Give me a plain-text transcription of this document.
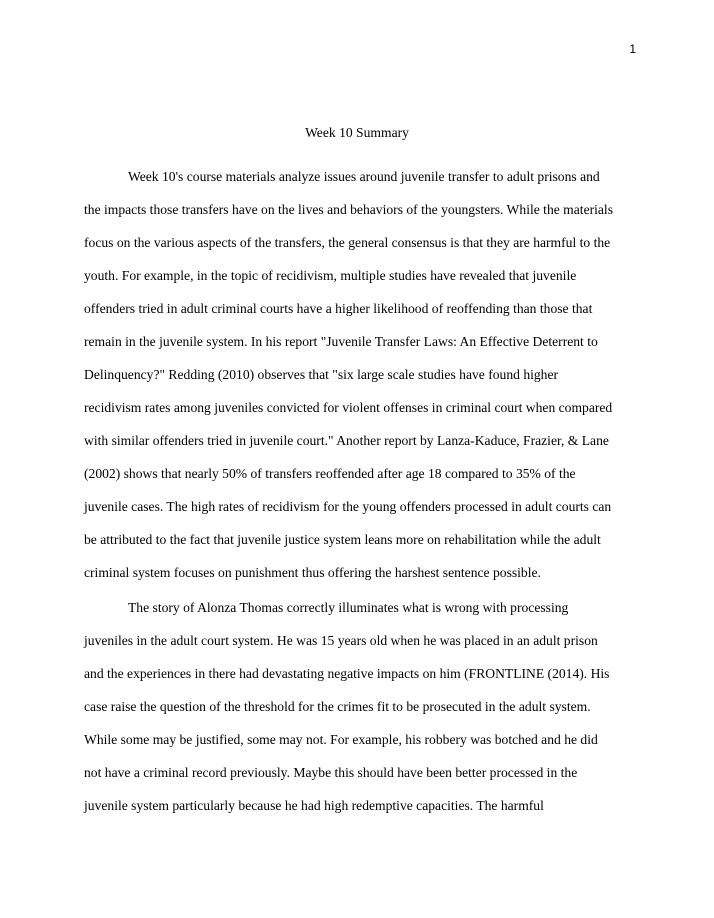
1
Week 10 Summary
Week 10's course materials analyze issues around juvenile transfer to adult prisons and
the impacts those transfers have on the lives and behaviors of the youngsters. While the materials
focus on the various aspects of the transfers, the general consensus is that they are harmful to the
youth. For example, in the topic of recidivism, multiple studies have revealed that juvenile
offenders tried in adult criminal courts have a higher likelihood of reoffending than those that
remain in the juvenile system. In his report "Juvenile Transfer Laws: An Effective Deterrent to
Delinquency?" Redding (2010) observes that "six large scale studies have found higher
recidivism rates among juveniles convicted for violent offenses in criminal court when compared
with similar offenders tried in juvenile court." Another report by Lanza-Kaduce, Frazier, & Lane
(2002) shows that nearly 50% of transfers reoffended after age 18 compared to 35% of the
juvenile cases. The high rates of recidivism for the young offenders processed in adult courts can
be attributed to the fact that juvenile justice system leans more on rehabilitation while the adult
criminal system focuses on punishment thus offering the harshest sentence possible.
The story of Alonza Thomas correctly illuminates what is wrong with processing
juveniles in the adult court system. He was 15 years old when he was placed in an adult prison
and the experiences in there had devastating negative impacts on him (FRONTLINE (2014). His
case raise the question of the threshold for the crimes fit to be prosecuted in the adult system.
While some may be justified, some may not. For example, his robbery was botched and he did
not have a criminal record previously. Maybe this should have been better processed in the
juvenile system particularly because he had high redemptive capacities. The harmful
